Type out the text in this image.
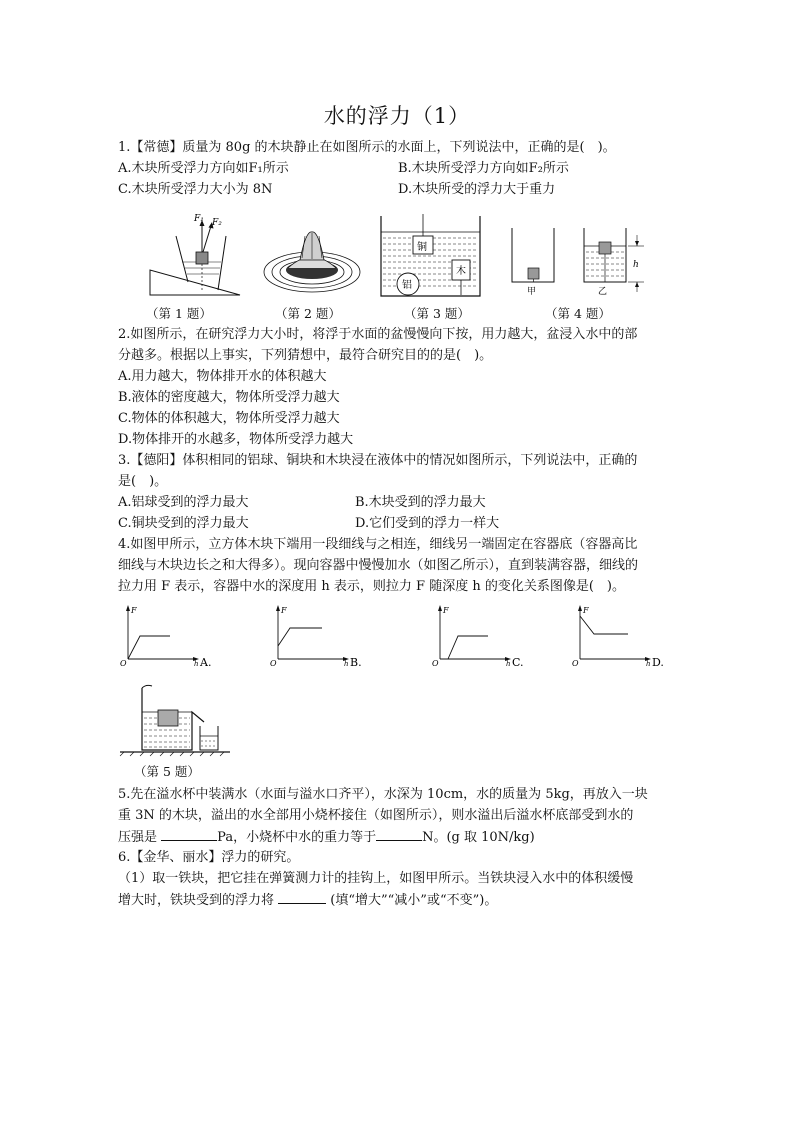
水的浮力（1）
1.【常德】质量为 80g 的木块静止在如图所示的水面上，下列说法中，正确的是(　)。
A.木块所受浮力方向如F₁所示	B.木块所受浮力方向如F₂所示
C.木块所受浮力大小为 8N	D.木块所受的浮力大于重力
F₁ F₂
铜
木
铝
甲
h
乙
（第 1 题）	（第 2 题）	（第 3 题）	（第 4 题）
2.如图所示，在研究浮力大小时，将浮于水面的盆慢慢向下按，用力越大，盆浸入水中的部
分越多。根据以上事实，下列猜想中，最符合研究目的的是(　)。
A.用力越大，物体排开水的体积越大
B.液体的密度越大，物体所受浮力越大
C.物体的体积越大，物体所受浮力越大
D.物体排开的水越多，物体所受浮力越大
3.【德阳】体积相同的铝球、铜块和木块浸在液体中的情况如图所示，下列说法中，正确的
是(　)。
A.铝球受到的浮力最大	B.木块受到的浮力最大
C.铜块受到的浮力最大	D.它们受到的浮力一样大
4.如图甲所示，立方体木块下端用一段细线与之相连，细线另一端固定在容器底（容器高比
细线与木块边长之和大得多）。现向容器中慢慢加水（如图乙所示），直到装满容器，细线的
拉力用 F 表示，容器中水的深度用 h 表示，则拉力 F 随深度 h 的变化关系图像是(　)。
F
O	h A.
F
O	h B.
F
O	h C.
F
O	h D.
（第 5 题）
5.先在溢水杯中装满水（水面与溢水口齐平），水深为 10cm，水的质量为 5kg，再放入一块
重 3N 的木块，溢出的水全部用小烧杯接住（如图所示），则水溢出后溢水杯底部受到水的
压强是	Pa，小烧杯中水的重力等于	N。(g 取 10N/kg)
6.【金华、丽水】浮力的研究。
（1）取一铁块，把它挂在弹簧测力计的挂钩上，如图甲所示。当铁块浸入水中的体积缓慢
增大时，铁块受到的浮力将	(填“增大”“减小”或“不变”)。
